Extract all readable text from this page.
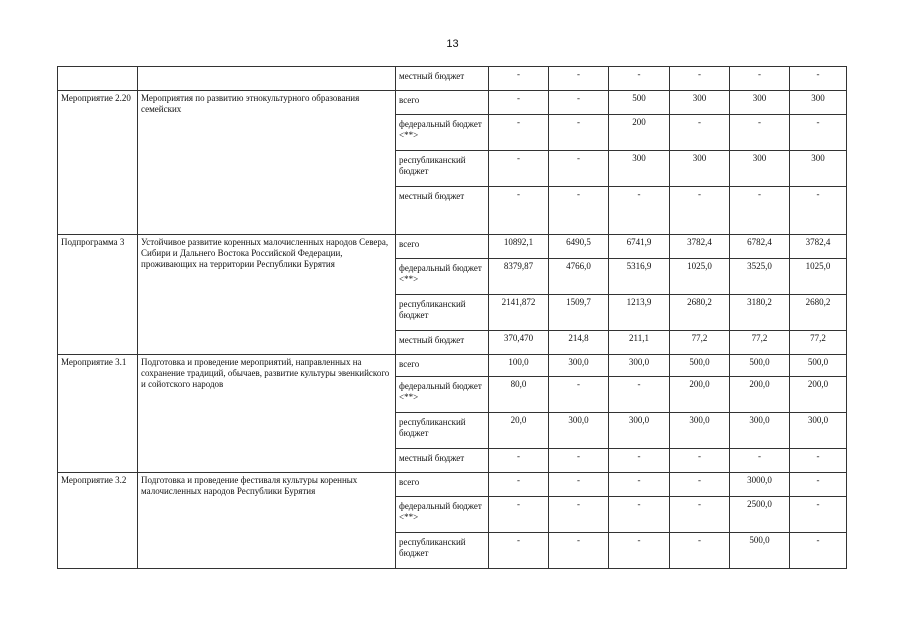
13
		местный бюджет	-	-	-	-	-	-
Мероприятие 2.20	Мероприятия по развитию этнокультурного образования семейских	всего	-	-	500	300	300	300
		федеральный бюджет <**>	-	-	200	-	-	-
		республиканский бюджет	-	-	300	300	300	300
		местный бюджет	-	-	-	-	-	-
Подпрограмма 3	Устойчивое развитие коренных малочисленных народов Севера, Сибири и Дальнего Востока Российской Федерации, проживающих на территории Республики Бурятия	всего	10892,1	6490,5	6741,9	3782,4	6782,4	3782,4
		федеральный бюджет <**>	8379,87	4766,0	5316,9	1025,0	3525,0	1025,0
		республиканский бюджет	2141,872	1509,7	1213,9	2680,2	3180,2	2680,2
		местный бюджет	370,470	214,8	211,1	77,2	77,2	77,2
Мероприятие 3.1	Подготовка и проведение мероприятий, направленных на сохранение традиций, обычаев, развитие культуры эвенкийского и сойотского народов	всего	100,0	300,0	300,0	500,0	500,0	500,0
		федеральный бюджет <**>	80,0	-	-	200,0	200,0	200,0
		республиканский бюджет	20,0	300,0	300,0	300,0	300,0	300,0
		местный бюджет	-	-	-	-	-	-
Мероприятие 3.2	Подготовка и проведение фестиваля культуры коренных малочисленных народов Республики Бурятия	всего	-	-	-	-	3000,0	-
		федеральный бюджет <**>	-	-	-	-	2500,0	-
		республиканский бюджет	-	-	-	-	500,0	-
